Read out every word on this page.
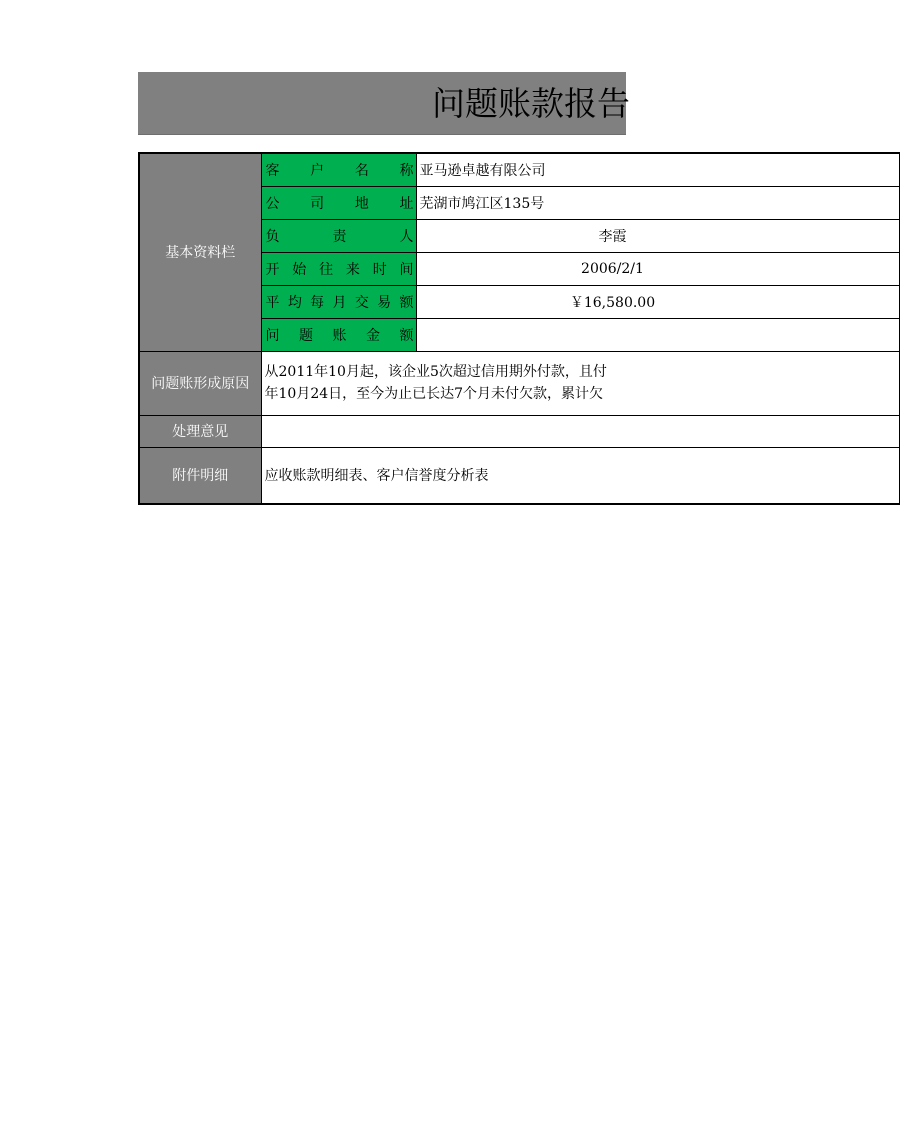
问题账款报告
基本资料栏	客户名称	亚马逊卓越有限公司

	公司地址	芜湖市鸠江区135号

	负责人	李霞

	开始往来时间	2006/2/1

	平均每月交易额	￥16,580.00

	问题账金额	

问题账形成原因	从2011年10月起，该企业5次超过信用期外付款，且付
年10月24日，至今为止已长达7个月未付欠款，累计欠	

处理意见		
附件明细	应收账款明细表、客户信誉度分析表	
